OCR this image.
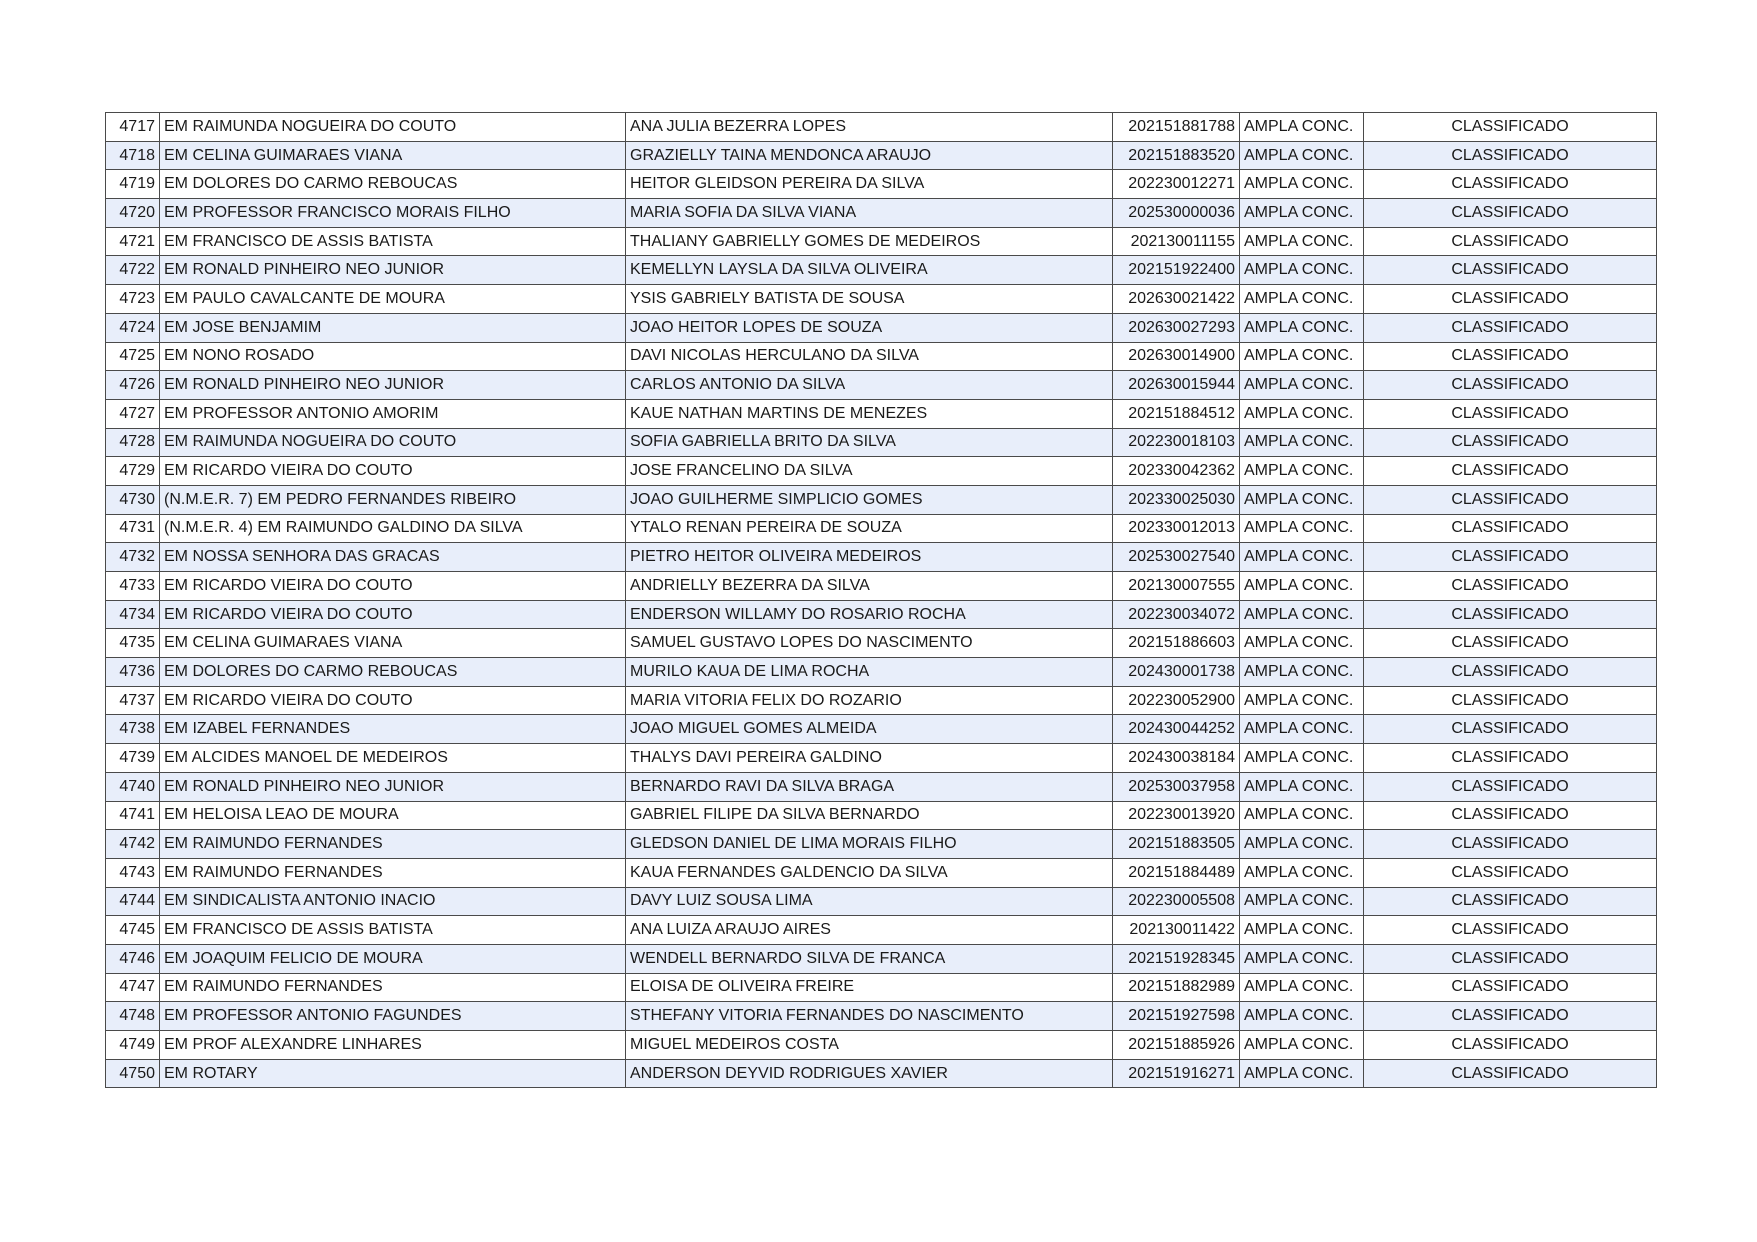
4717	EM RAIMUNDA NOGUEIRA DO COUTO	ANA JULIA BEZERRA LOPES	202151881788	AMPLA CONC.	CLASSIFICADO
4718	EM CELINA GUIMARAES VIANA	GRAZIELLY TAINA MENDONCA ARAUJO	202151883520	AMPLA CONC.	CLASSIFICADO
4719	EM DOLORES DO CARMO REBOUCAS	HEITOR GLEIDSON PEREIRA DA SILVA	202230012271	AMPLA CONC.	CLASSIFICADO
4720	EM PROFESSOR FRANCISCO MORAIS FILHO	MARIA SOFIA DA SILVA VIANA	202530000036	AMPLA CONC.	CLASSIFICADO
4721	EM FRANCISCO DE ASSIS BATISTA	THALIANY GABRIELLY GOMES DE MEDEIROS	202130011155	AMPLA CONC.	CLASSIFICADO
4722	EM RONALD PINHEIRO NEO JUNIOR	KEMELLYN LAYSLA DA SILVA OLIVEIRA	202151922400	AMPLA CONC.	CLASSIFICADO
4723	EM PAULO CAVALCANTE DE MOURA	YSIS GABRIELY BATISTA DE SOUSA	202630021422	AMPLA CONC.	CLASSIFICADO
4724	EM JOSE BENJAMIM	JOAO HEITOR LOPES DE SOUZA	202630027293	AMPLA CONC.	CLASSIFICADO
4725	EM NONO ROSADO	DAVI NICOLAS HERCULANO DA SILVA	202630014900	AMPLA CONC.	CLASSIFICADO
4726	EM RONALD PINHEIRO NEO JUNIOR	CARLOS ANTONIO DA SILVA	202630015944	AMPLA CONC.	CLASSIFICADO
4727	EM PROFESSOR ANTONIO AMORIM	KAUE NATHAN MARTINS DE MENEZES	202151884512	AMPLA CONC.	CLASSIFICADO
4728	EM RAIMUNDA NOGUEIRA DO COUTO	SOFIA GABRIELLA BRITO DA SILVA	202230018103	AMPLA CONC.	CLASSIFICADO
4729	EM RICARDO VIEIRA DO COUTO	JOSE FRANCELINO DA SILVA	202330042362	AMPLA CONC.	CLASSIFICADO
4730	(N.M.E.R. 7) EM PEDRO FERNANDES RIBEIRO	JOAO GUILHERME SIMPLICIO GOMES	202330025030	AMPLA CONC.	CLASSIFICADO
4731	(N.M.E.R. 4) EM RAIMUNDO GALDINO DA SILVA	YTALO RENAN PEREIRA DE SOUZA	202330012013	AMPLA CONC.	CLASSIFICADO
4732	EM NOSSA SENHORA DAS GRACAS	PIETRO HEITOR OLIVEIRA MEDEIROS	202530027540	AMPLA CONC.	CLASSIFICADO
4733	EM RICARDO VIEIRA DO COUTO	ANDRIELLY BEZERRA DA SILVA	202130007555	AMPLA CONC.	CLASSIFICADO
4734	EM RICARDO VIEIRA DO COUTO	ENDERSON WILLAMY DO ROSARIO ROCHA	202230034072	AMPLA CONC.	CLASSIFICADO
4735	EM CELINA GUIMARAES VIANA	SAMUEL GUSTAVO LOPES DO NASCIMENTO	202151886603	AMPLA CONC.	CLASSIFICADO
4736	EM DOLORES DO CARMO REBOUCAS	MURILO KAUA DE LIMA ROCHA	202430001738	AMPLA CONC.	CLASSIFICADO
4737	EM RICARDO VIEIRA DO COUTO	MARIA VITORIA FELIX DO ROZARIO	202230052900	AMPLA CONC.	CLASSIFICADO
4738	EM IZABEL FERNANDES	JOAO MIGUEL GOMES ALMEIDA	202430044252	AMPLA CONC.	CLASSIFICADO
4739	EM ALCIDES MANOEL DE MEDEIROS	THALYS DAVI PEREIRA GALDINO	202430038184	AMPLA CONC.	CLASSIFICADO
4740	EM RONALD PINHEIRO NEO JUNIOR	BERNARDO RAVI DA SILVA BRAGA	202530037958	AMPLA CONC.	CLASSIFICADO
4741	EM HELOISA LEAO DE MOURA	GABRIEL FILIPE DA SILVA BERNARDO	202230013920	AMPLA CONC.	CLASSIFICADO
4742	EM RAIMUNDO FERNANDES	GLEDSON DANIEL DE LIMA MORAIS FILHO	202151883505	AMPLA CONC.	CLASSIFICADO
4743	EM RAIMUNDO FERNANDES	KAUA FERNANDES GALDENCIO DA SILVA	202151884489	AMPLA CONC.	CLASSIFICADO
4744	EM SINDICALISTA ANTONIO INACIO	DAVY LUIZ SOUSA LIMA	202230005508	AMPLA CONC.	CLASSIFICADO
4745	EM FRANCISCO DE ASSIS BATISTA	ANA LUIZA ARAUJO AIRES	202130011422	AMPLA CONC.	CLASSIFICADO
4746	EM JOAQUIM FELICIO DE MOURA	WENDELL BERNARDO SILVA DE FRANCA	202151928345	AMPLA CONC.	CLASSIFICADO
4747	EM RAIMUNDO FERNANDES	ELOISA DE OLIVEIRA FREIRE	202151882989	AMPLA CONC.	CLASSIFICADO
4748	EM PROFESSOR ANTONIO FAGUNDES	STHEFANY VITORIA FERNANDES DO NASCIMENTO	202151927598	AMPLA CONC.	CLASSIFICADO
4749	EM PROF ALEXANDRE LINHARES	MIGUEL MEDEIROS COSTA	202151885926	AMPLA CONC.	CLASSIFICADO
4750	EM ROTARY	ANDERSON DEYVID RODRIGUES XAVIER	202151916271	AMPLA CONC.	CLASSIFICADO
